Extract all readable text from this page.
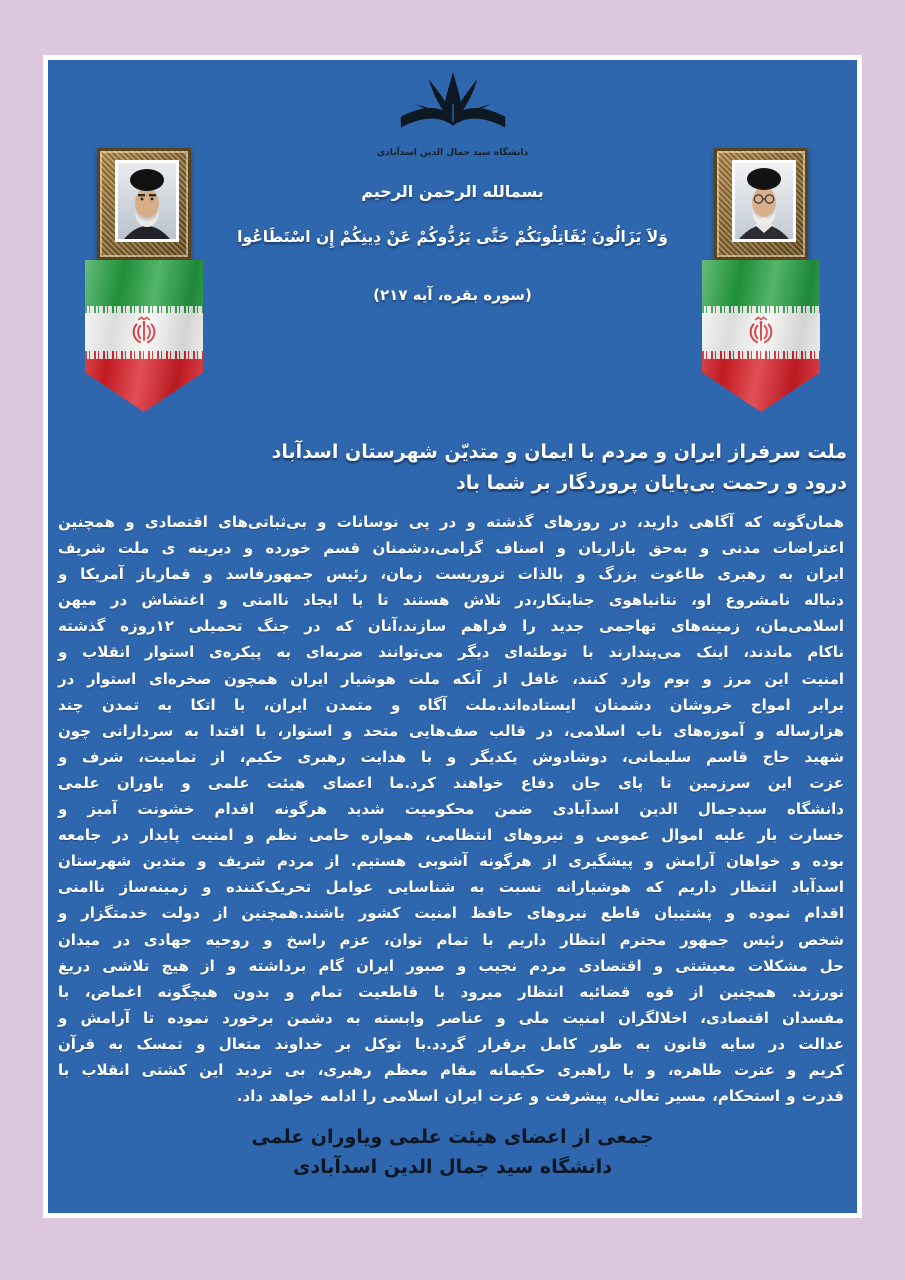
دانشگاه سید جمال الدین اسدآبادی
بسمالله الرحمن الرحیم
وَلاَ یَزَالُونَ یُقَاتِلُونَکُمْ حَتَّی یَرُدُّوکُمْ عَنْ دِینِکُمْ إِن اسْتَطَاعُوا
(سوره بقره، آیه ۲۱۷)
ملت سرفراز ایران و مردم با ایمان و متدیّن شهرستان اسدآباد
درود و رحمت بی‌پایان پروردگار بر شما باد
همان‌گونه که آگاهی دارید، در روزهای گذشته و در پی نوسانات و بی‌ثباتی‌های اقتصادی و همچنین
اعتراضات مدنی و به‌حق بازاریان و اصناف گرامی،دشمنان قسم خورده و دیرینه ی ملت شریف
ایران به رهبری طاغوت بزرگ و بالذات تروریست زمان، رئیس جمهورفاسد و قمارباز آمریکا و
دنباله نامشروع او، نتانیاهوی جنایتکار،در تلاش هستند تا با ایجاد ناامنی و اغتشاش در میهن
اسلامی‌مان، زمینه‌های تهاجمی جدید را فراهم سازند،آنان که در جنگ تحمیلی ۱۲روزه گذشته
ناکام ماندند، اینک می‌پندارند با توطئه‌ای دیگر می‌توانند ضربه‌ای به پیکره‌ی استوار انقلاب و
امنیت این مرز و بوم وارد کنند، غافل از آنکه ملت هوشیار ایران همچون صخره‌ای استوار در
برابر امواج خروشان دشمنان ایستاده‌اند.ملت آگاه و متمدن ایران، با اتکا به تمدن چند
هزارساله و آموزه‌های ناب اسلامی، در قالب صف‌هایی متحد و استوار، با اقتدا به سردارانی چون
شهید حاج قاسم سلیمانی، دوشادوش یکدیگر و با هدایت رهبری حکیم، از تمامیت، شرف و
عزت این سرزمین تا پای جان دفاع خواهند کرد.ما اعضای هیئت علمی و یاوران علمی
دانشگاه سیدجمال الدین اسدآبادی ضمن محکومیت شدید هرگونه اقدام خشونت آمیز و
خسارت بار علیه اموال عمومی و نیروهای انتظامی، همواره حامی نظم و امنیت پایدار در جامعه
بوده و خواهان آرامش و پیشگیری از هرگونه آشوبی هستیم. از مردم شریف و متدین شهرستان
اسدآباد انتظار داریم که هوشیارانه نسبت به شناسایی عوامل تحریک‌کننده و زمینه‌ساز ناامنی
اقدام نموده و پشتیبان قاطع نیروهای حافظ امنیت کشور باشند.همچنین از دولت خدمتگزار و
شخص رئیس جمهور محترم انتظار داریم با تمام توان، عزم راسخ و روحیه جهادی در میدان
حل مشکلات معیشتی و اقتصادی مردم نجیب و صبور ایران گام برداشته و از هیچ تلاشی دریغ
نورزند. همچنین از قوه قضائیه انتظار میرود با قاطعیت تمام و بدون هیچگونه اغماض، با
مفسدان اقتصادی، اخلالگران امنیت ملی و عناصر وابسته به دشمن برخورد نموده تا آرامش و
عدالت در سایه قانون به طور کامل برقرار گردد.با توکل بر خداوند متعال و تمسک به قرآن
کریم و عترت طاهره، و با راهبری حکیمانه مقام معظم رهبری، بی تردید این کشتی انقلاب با
قدرت و استحکام، مسیر تعالی، پیشرفت و عزت ایران اسلامی را ادامه خواهد داد.
جمعی از اعضای هیئت علمی ویاوران علمی
دانشگاه سید جمال الدین اسدآبادی
